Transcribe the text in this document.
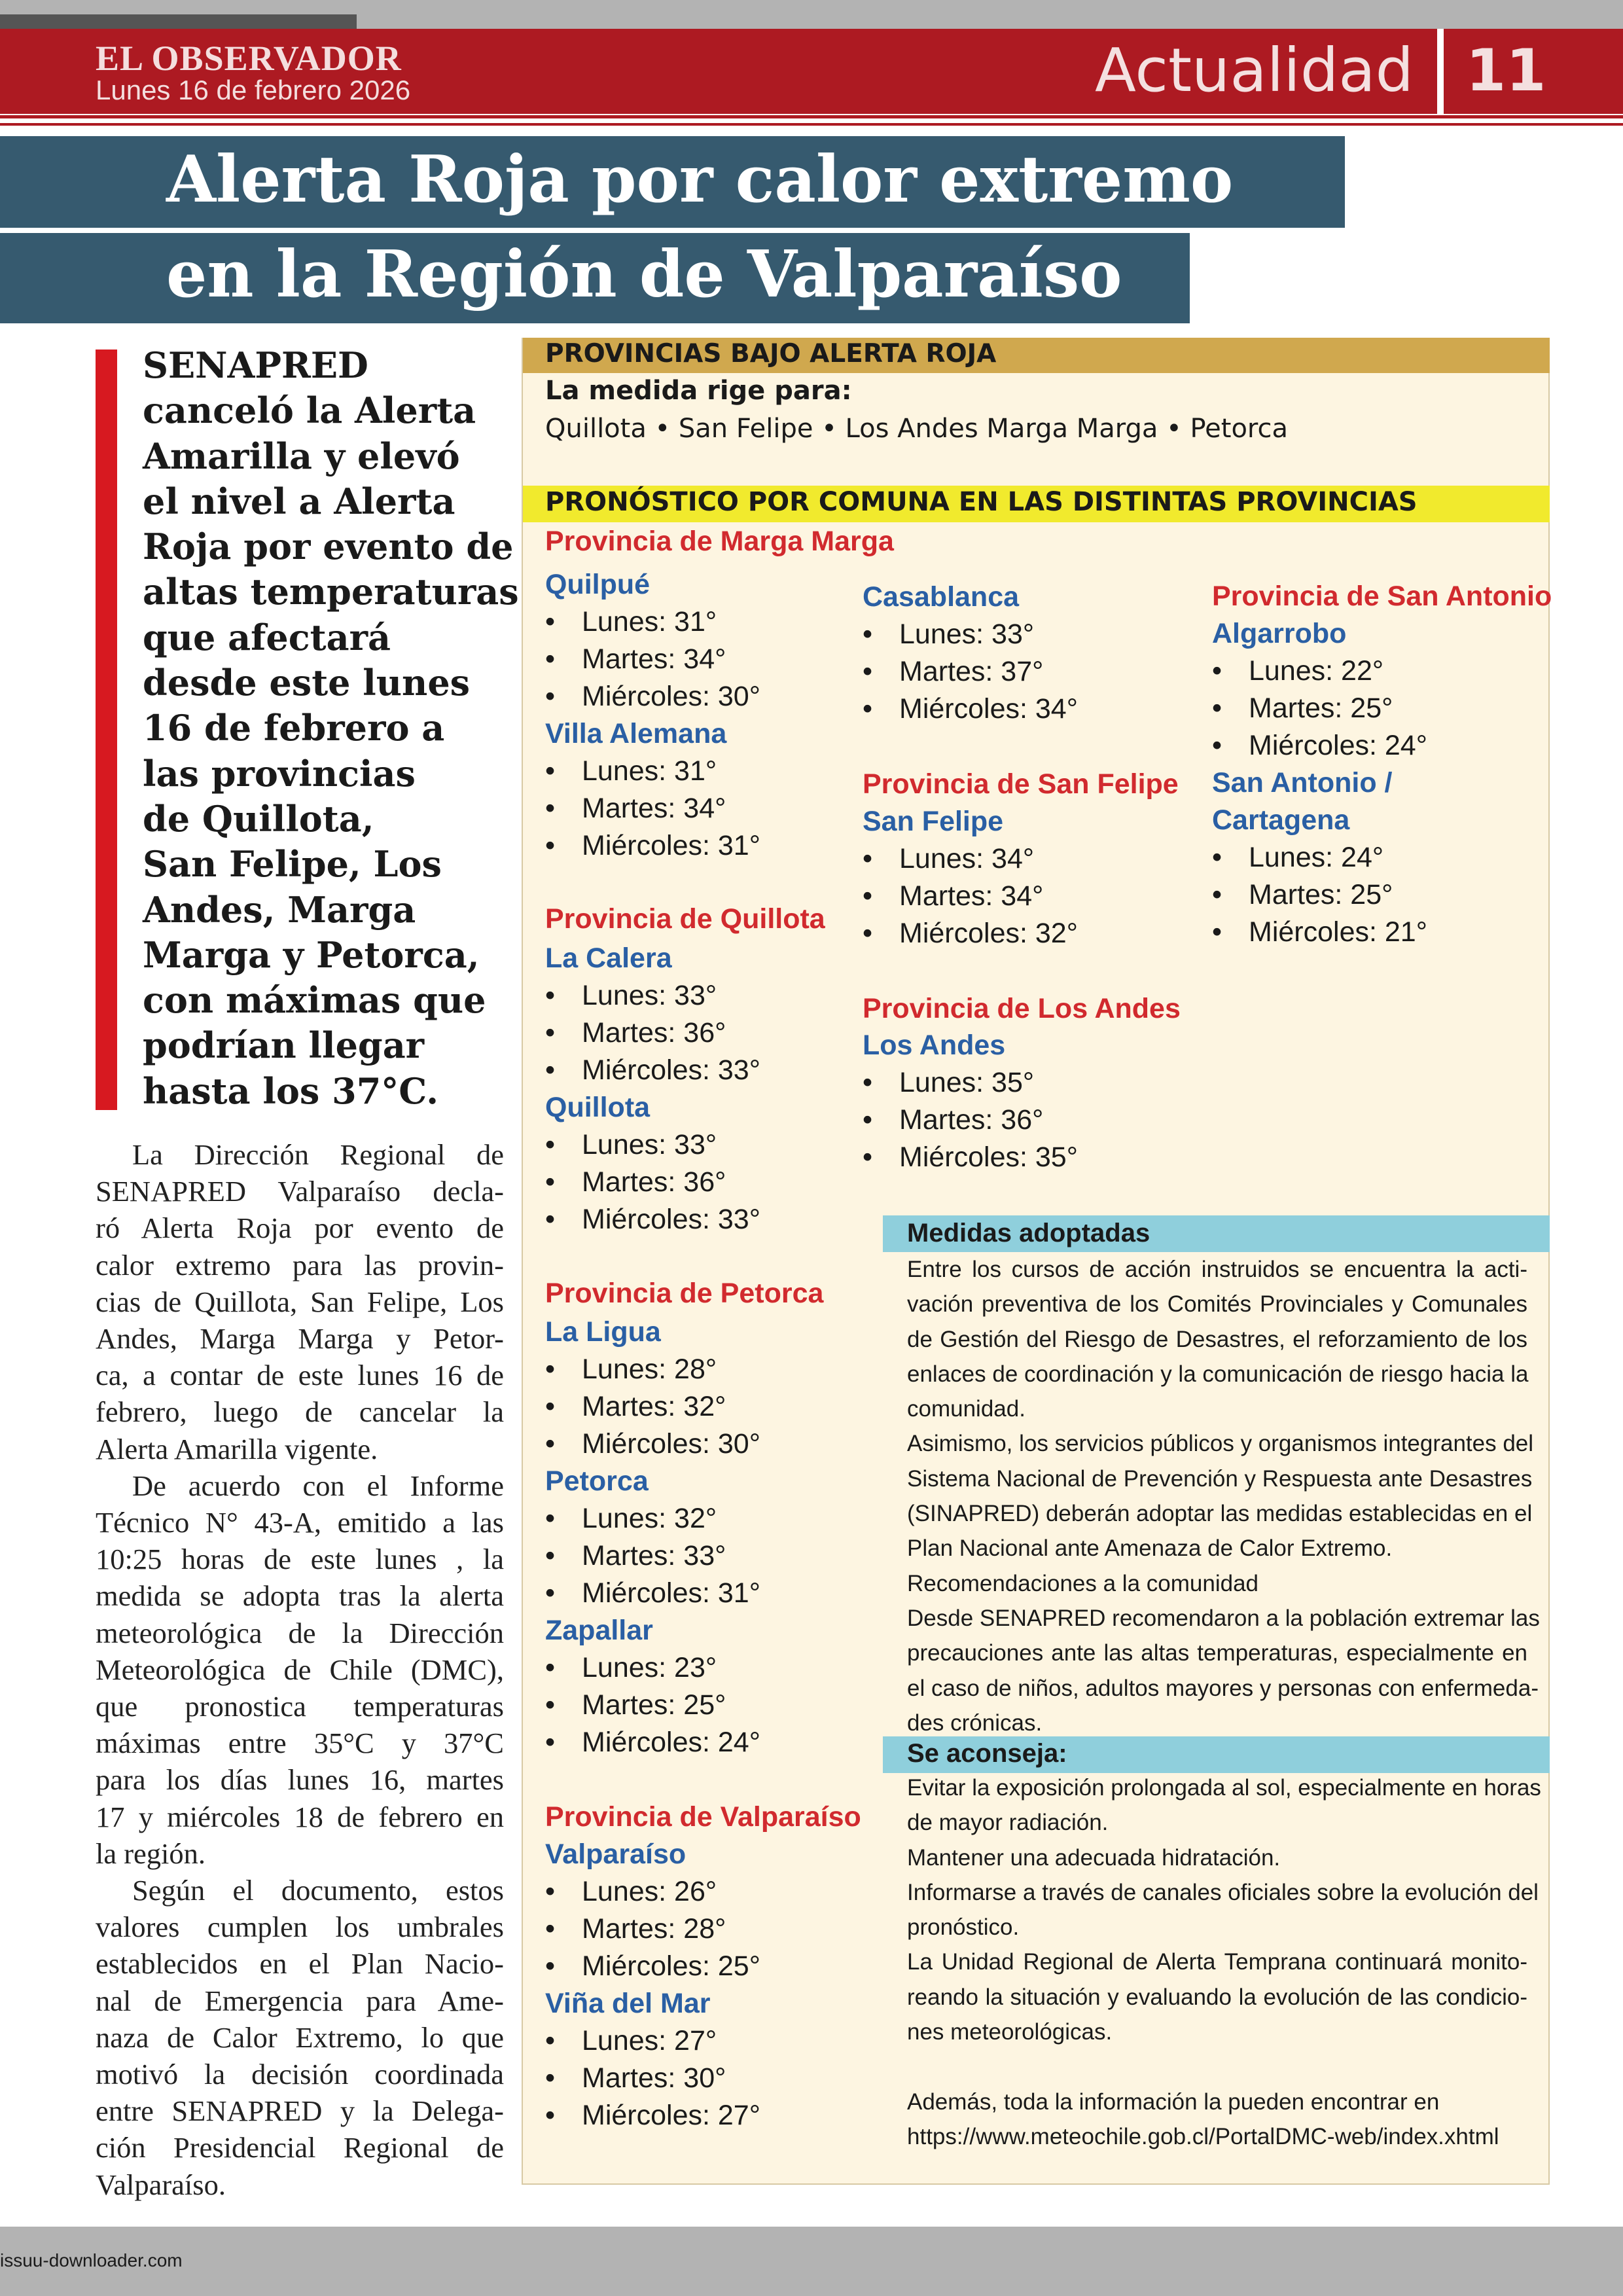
EL OBSERVADOR
Lunes 16 de febrero 2026	Actualidad 11
Alerta Roja por calor extremo
en la Región de Valparaíso
SENAPRED
canceló la Alerta
Amarilla y elevó
el nivel a Alerta
Roja por evento de
altas temperaturas
que afectará
desde este lunes
16 de febrero a
las provincias
de Quillota,
San Felipe, Los
Andes, Marga
Marga y Petorca,
con máximas que
podrían llegar
hasta los 37°C.
La Dirección Regional de
SENAPRED Valparaíso decla-
ró Alerta Roja por evento de
calor extremo para las provin-
cias de Quillota, San Felipe, Los
Andes, Marga Marga y Petor-
ca, a contar de este lunes 16 de
febrero, luego de cancelar la
Alerta Amarilla vigente.
De acuerdo con el Informe
Técnico N° 43-A, emitido a las
10:25 horas de este lunes , la
medida se adopta tras la alerta
meteorológica de la Dirección
Meteorológica de Chile (DMC),
que pronostica temperaturas
máximas entre 35°C y 37°C
para los días lunes 16, martes
17 y miércoles 18 de febrero en
la región.
Según el documento, estos
valores cumplen los umbrales
establecidos en el Plan Nacio-
nal de Emergencia para Ame-
naza de Calor Extremo, lo que
motivó la decisión coordinada
entre SENAPRED y la Delega-
ción Presidencial Regional de
Valparaíso.
PROVINCIAS BAJO ALERTA ROJA
La medida rige para:
Quillota • San Felipe • Los Andes Marga Marga • Petorca
PRONÓSTICO POR COMUNA EN LAS DISTINTAS PROVINCIAS
Provincia de Marga Marga
Provincia de Quillota
Provincia de Petorca
Provincia de Valparaíso
Provincia de San Felipe
Provincia de Los Andes
Provincia de San Antonio
Quilpué
• Lunes: 31°
• Martes: 34°
• Miércoles: 30°
Villa Alemana
• Lunes: 31°
• Martes: 34°
• Miércoles: 31°
La Calera
• Lunes: 33°
• Martes: 36°
• Miércoles: 33°
Quillota
• Lunes: 33°
• Martes: 36°
• Miércoles: 33°
La Ligua
• Lunes: 28°
• Martes: 32°
• Miércoles: 30°
Petorca
• Lunes: 32°
• Martes: 33°
• Miércoles: 31°
Zapallar
• Lunes: 23°
• Martes: 25°
• Miércoles: 24°
Valparaíso
• Lunes: 26°
• Martes: 28°
• Miércoles: 25°
Viña del Mar
• Lunes: 27°
• Martes: 30°
• Miércoles: 27°
Casablanca
• Lunes: 33°
• Martes: 37°
• Miércoles: 34°
San Felipe
• Lunes: 34°
• Martes: 34°
• Miércoles: 32°
Los Andes
• Lunes: 35°
• Martes: 36°
• Miércoles: 35°
Algarrobo
• Lunes: 22°
• Martes: 25°
• Miércoles: 24°
San Antonio /
Cartagena
• Lunes: 24°
• Martes: 25°
• Miércoles: 21°
Medidas adoptadas
Entre los cursos de acción instruidos se encuentra la acti-
vación preventiva de los Comités Provinciales y Comunales
de Gestión del Riesgo de Desastres, el reforzamiento de los
enlaces de coordinación y la comunicación de riesgo hacia la
comunidad.
Asimismo, los servicios públicos y organismos integrantes del
Sistema Nacional de Prevención y Respuesta ante Desastres
(SINAPRED) deberán adoptar las medidas establecidas en el
Plan Nacional ante Amenaza de Calor Extremo.
Recomendaciones a la comunidad
Desde SENAPRED recomendaron a la población extremar las
precauciones ante las altas temperaturas, especialmente en
el caso de niños, adultos mayores y personas con enfermeda-
des crónicas.
Se aconseja:
Evitar la exposición prolongada al sol, especialmente en horas
de mayor radiación.
Mantener una adecuada hidratación.
Informarse a través de canales oficiales sobre la evolución del
pronóstico.
La Unidad Regional de Alerta Temprana continuará monito-
reando la situación y evaluando la evolución de las condicio-
nes meteorológicas.
Además, toda la información la pueden encontrar en
https://www.meteochile.gob.cl/PortalDMC-web/index.xhtml
issuu-downloader.com
